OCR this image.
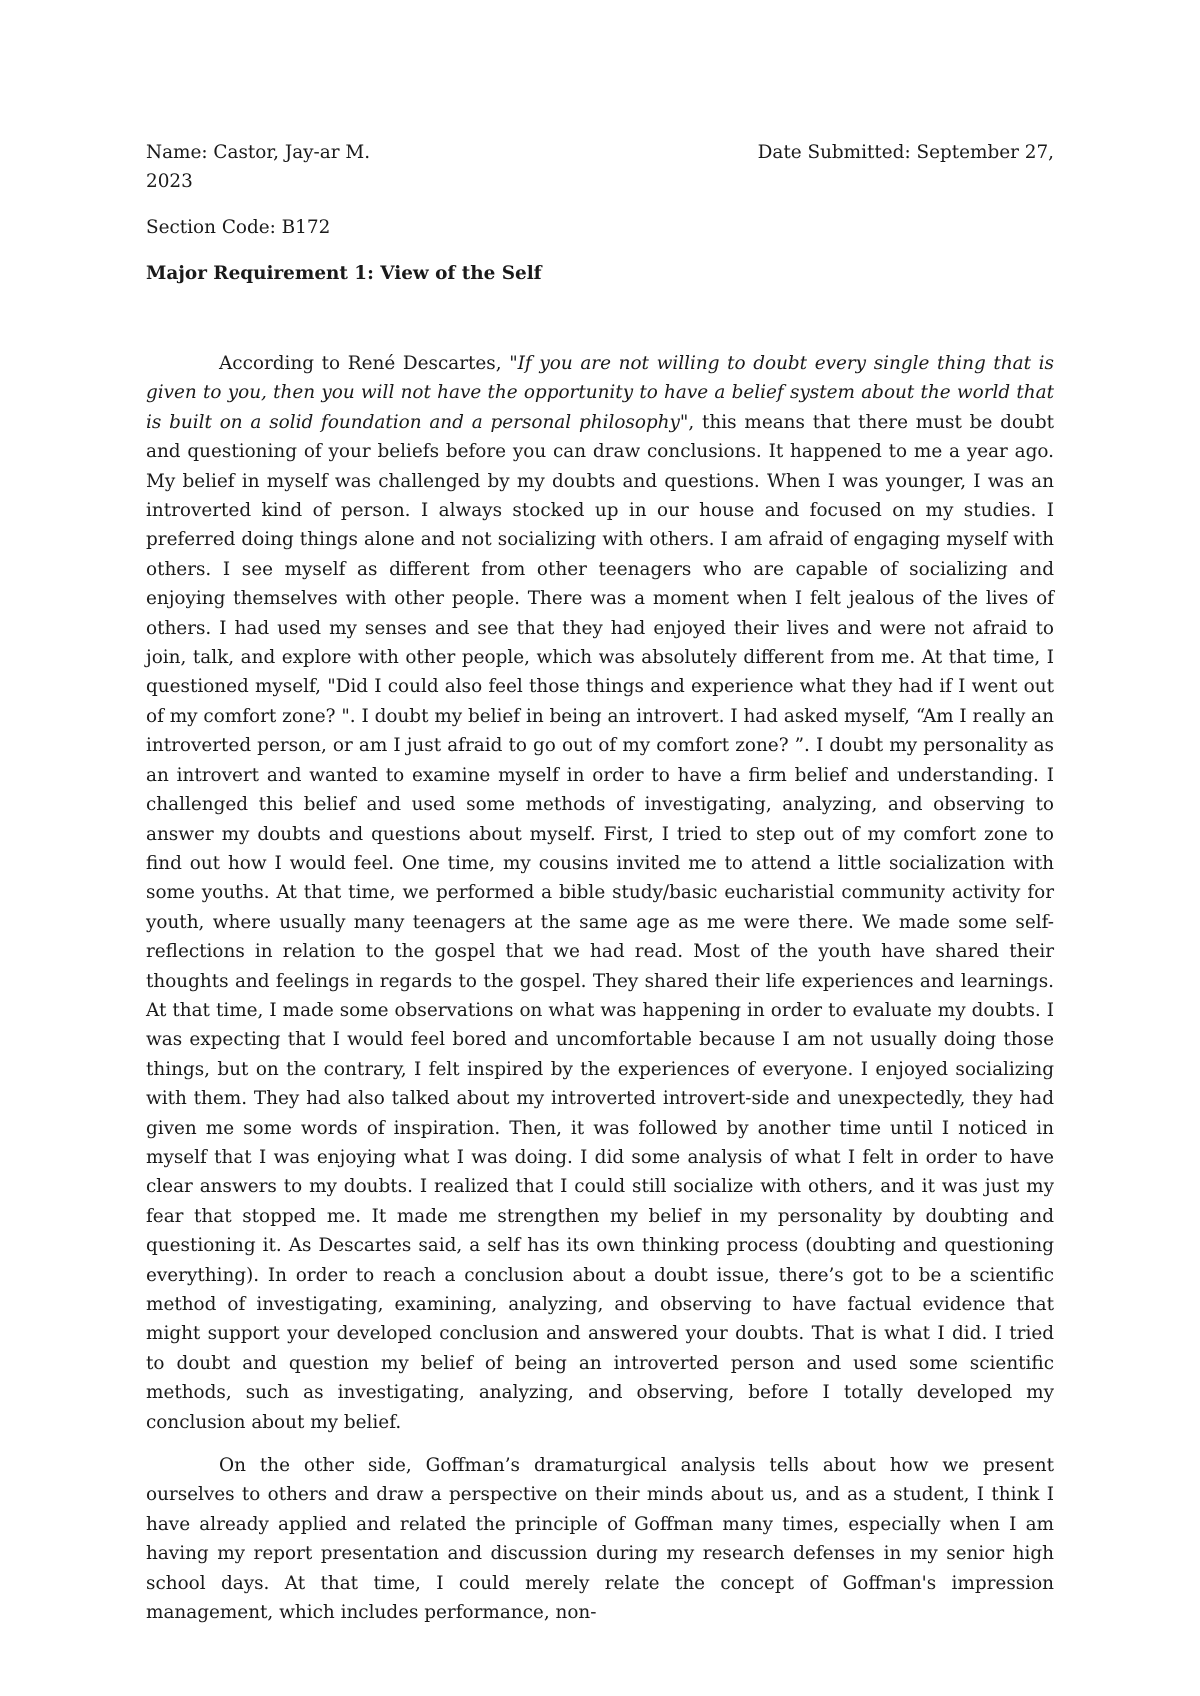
Name: Castor, Jay-ar M.	Date Submitted: September 27,
2023
Section Code: B172
Major Requirement 1: View of the Self

According to René Descartes, "If you are not willing to doubt every single thing that is given to you, then you will not have the opportunity to have a belief system about the world that is built on a solid foundation and a personal philosophy", this means that there must be doubt and questioning of your beliefs before you can draw conclusions. It happened to me a year ago. My belief in myself was challenged by my doubts and questions. When I was younger, I was an introverted kind of person. I always stocked up in our house and focused on my studies. I preferred doing things alone and not socializing with others. I am afraid of engaging myself with others. I see myself as different from other teenagers who are capable of socializing and enjoying themselves with other people. There was a moment when I felt jealous of the lives of others. I had used my senses and see that they had enjoyed their lives and were not afraid to join, talk, and explore with other people, which was absolutely different from me. At that time, I questioned myself, "Did I could also feel those things and experience what they had if I went out of my comfort zone? ". I doubt my belief in being an introvert. I had asked myself, “Am I really an introverted person, or am I just afraid to go out of my comfort zone? ”. I doubt my personality as an introvert and wanted to examine myself in order to have a firm belief and understanding. I challenged this belief and used some methods of investigating, analyzing, and observing to answer my doubts and questions about myself. First, I tried to step out of my comfort zone to find out how I would feel. One time, my cousins invited me to attend a little socialization with some youths. At that time, we performed a bible study/basic eucharistial community activity for youth, where usually many teenagers at the same age as me were there. We made some self-reflections in relation to the gospel that we had read. Most of the youth have shared their thoughts and feelings in regards to the gospel. They shared their life experiences and learnings. At that time, I made some observations on what was happening in order to evaluate my doubts. I was expecting that I would feel bored and uncomfortable because I am not usually doing those things, but on the contrary, I felt inspired by the experiences of everyone. I enjoyed socializing with them. They had also talked about my introverted introvert-side and unexpectedly, they had given me some words of inspiration. Then, it was followed by another time until I noticed in myself that I was enjoying what I was doing. I did some analysis of what I felt in order to have clear answers to my doubts. I realized that I could still socialize with others, and it was just my fear that stopped me. It made me strengthen my belief in my personality by doubting and questioning it. As Descartes said, a self has its own thinking process (doubting and questioning everything). In order to reach a conclusion about a doubt issue, there’s got to be a scientific method of investigating, examining, analyzing, and observing to have factual evidence that might support your developed conclusion and answered your doubts. That is what I did. I tried to doubt and question my belief of being an introverted person and used some scientific methods, such as investigating, analyzing, and observing, before I totally developed my conclusion about my belief.

On the other side, Goffman’s dramaturgical analysis tells about how we present ourselves to others and draw a perspective on their minds about us, and as a student, I think I have already applied and related the principle of Goffman many times, especially when I am having my report presentation and discussion during my research defenses in my senior high school days. At that time, I could merely relate the concept of Goffman's impression management, which includes performance, non-
